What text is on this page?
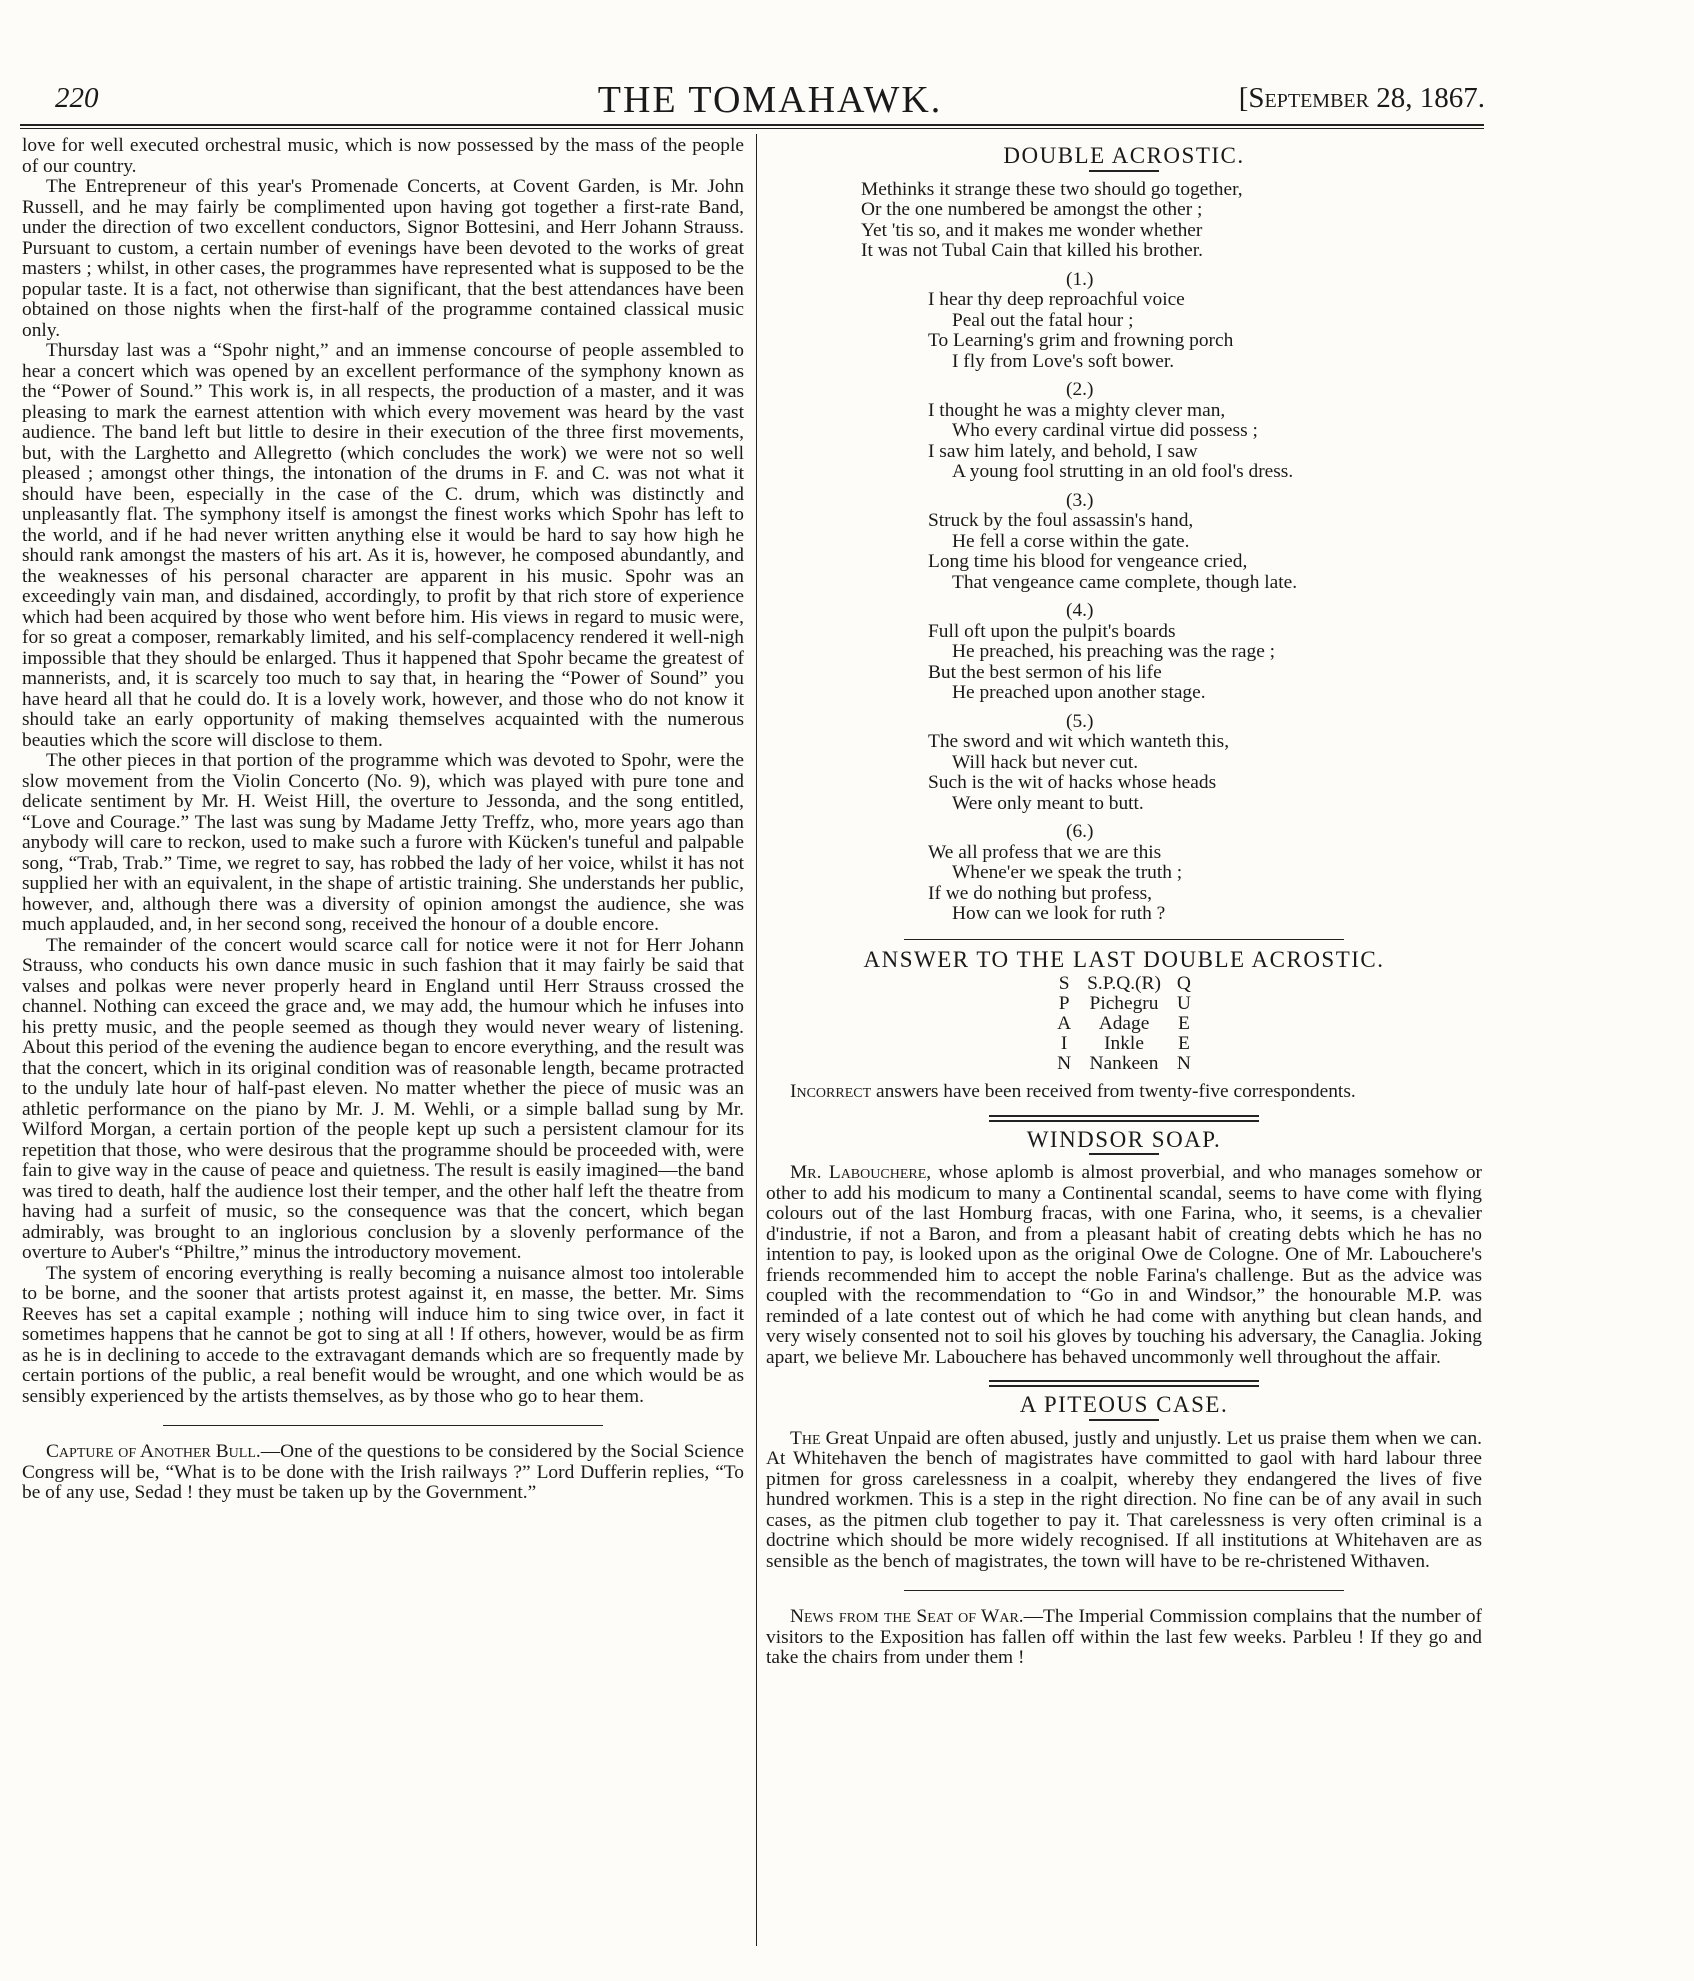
220	THE TOMAHAWK.	[September 28, 1867.

love for well executed orchestral music, which is now possessed by the mass of the people of our country.

The Entrepreneur of this year's Promenade Concerts, at Covent Garden, is Mr. John Russell, and he may fairly be complimented upon having got together a first-rate Band, under the direction of two excellent conductors, Signor Bottesini, and Herr Johann Strauss. Pursuant to custom, a certain number of evenings have been devoted to the works of great masters ; whilst, in other cases, the programmes have represented what is supposed to be the popular taste. It is a fact, not otherwise than significant, that the best attendances have been obtained on those nights when the first-half of the programme contained classical music only.

Thursday last was a “Spohr night,” and an immense concourse of people assembled to hear a concert which was opened by an excellent performance of the symphony known as the “Power of Sound.” This work is, in all respects, the production of a master, and it was pleasing to mark the earnest attention with which every movement was heard by the vast audience. The band left but little to desire in their execution of the three first movements, but, with the Larghetto and Allegretto (which concludes the work) we were not so well pleased ; amongst other things, the intonation of the drums in F. and C. was not what it should have been, especially in the case of the C. drum, which was distinctly and unpleasantly flat. The symphony itself is amongst the finest works which Spohr has left to the world, and if he had never written anything else it would be hard to say how high he should rank amongst the masters of his art. As it is, however, he composed abundantly, and the weaknesses of his personal character are apparent in his music. Spohr was an exceedingly vain man, and disdained, accordingly, to profit by that rich store of experience which had been acquired by those who went before him. His views in regard to music were, for so great a composer, remarkably limited, and his self-complacency rendered it well-nigh impossible that they should be enlarged. Thus it happened that Spohr became the greatest of mannerists, and, it is scarcely too much to say that, in hearing the “Power of Sound” you have heard all that he could do. It is a lovely work, however, and those who do not know it should take an early opportunity of making themselves acquainted with the numerous beauties which the score will disclose to them.

The other pieces in that portion of the programme which was devoted to Spohr, were the slow movement from the Violin Concerto (No. 9), which was played with pure tone and delicate sentiment by Mr. H. Weist Hill, the overture to Jessonda, and the song entitled, “Love and Courage.” The last was sung by Madame Jetty Treffz, who, more years ago than anybody will care to reckon, used to make such a furore with Kücken's tuneful and palpable song, “Trab, Trab.” Time, we regret to say, has robbed the lady of her voice, whilst it has not supplied her with an equivalent, in the shape of artistic training. She understands her public, however, and, although there was a diversity of opinion amongst the audience, she was much applauded, and, in her second song, received the honour of a double encore.

The remainder of the concert would scarce call for notice were it not for Herr Johann Strauss, who conducts his own dance music in such fashion that it may fairly be said that valses and polkas were never properly heard in England until Herr Strauss crossed the channel. Nothing can exceed the grace and, we may add, the humour which he infuses into his pretty music, and the people seemed as though they would never weary of listening. About this period of the evening the audience began to encore everything, and the result was that the concert, which in its original condition was of reasonable length, became protracted to the unduly late hour of half-past eleven. No matter whether the piece of music was an athletic performance on the piano by Mr. J. M. Wehli, or a simple ballad sung by Mr. Wilford Morgan, a certain portion of the people kept up such a persistent clamour for its repetition that those, who were desirous that the programme should be proceeded with, were fain to give way in the cause of peace and quietness. The result is easily imagined—the band was tired to death, half the audience lost their temper, and the other half left the theatre from having had a surfeit of music, so the consequence was that the concert, which began admirably, was brought to an inglorious conclusion by a slovenly performance of the overture to Auber's “Philtre,” minus the introductory movement.

The system of encoring everything is really becoming a nuisance almost too intolerable to be borne, and the sooner that artists protest against it, en masse, the better. Mr. Sims Reeves has set a capital example ; nothing will induce him to sing twice over, in fact it sometimes happens that he cannot be got to sing at all ! If others, however, would be as firm as he is in declining to accede to the extravagant demands which are so frequently made by certain portions of the public, a real benefit would be wrought, and one which would be as sensibly experienced by the artists themselves, as by those who go to hear them.

Capture of Another Bull.—One of the questions to be considered by the Social Science Congress will be, “What is to be done with the Irish railways ?” Lord Dufferin replies, “To be of any use, Sedad ! they must be taken up by the Government.”

DOUBLE ACROSTIC.
Methinks it strange these two should go together,
Or the one numbered be amongst the other ;
Yet 'tis so, and it makes me wonder whether
It was not Tubal Cain that killed his brother.
(1.)
I hear thy deep reproachful voice
Peal out the fatal hour ;
To Learning's grim and frowning porch
I fly from Love's soft bower.
(2.)
I thought he was a mighty clever man,
Who every cardinal virtue did possess ;
I saw him lately, and behold, I saw
A young fool strutting in an old fool's dress.
(3.)
Struck by the foul assassin's hand,
He fell a corse within the gate.
Long time his blood for vengeance cried,
That vengeance came complete, though late.
(4.)
Full oft upon the pulpit's boards
He preached, his preaching was the rage ;
But the best sermon of his life
He preached upon another stage.
(5.)
The sword and wit which wanteth this,
Will hack but never cut.
Such is the wit of hacks whose heads
Were only meant to butt.
(6.)
We all profess that we are this
Whene'er we speak the truth ;
If we do nothing but profess,
How can we look for ruth ?
ANSWER TO THE LAST DOUBLE ACROSTIC.
S	S.P.Q.(R)	Q
P	Pichegru	U
A	Adage	E
I	Inkle	E
N	Nankeen	N

Incorrect answers have been received from twenty-five correspondents.

WINDSOR SOAP.

Mr. Labouchere, whose aplomb is almost proverbial, and who manages somehow or other to add his modicum to many a Continental scandal, seems to have come with flying colours out of the last Homburg fracas, with one Farina, who, it seems, is a chevalier d'industrie, if not a Baron, and from a pleasant habit of creating debts which he has no intention to pay, is looked upon as the original Owe de Cologne. One of Mr. Labouchere's friends recommended him to accept the noble Farina's challenge. But as the advice was coupled with the recommendation to “Go in and Windsor,” the honourable M.P. was reminded of a late contest out of which he had come with anything but clean hands, and very wisely consented not to soil his gloves by touching his adversary, the Canaglia. Joking apart, we believe Mr. Labouchere has behaved uncommonly well throughout the affair.

A PITEOUS CASE.

The Great Unpaid are often abused, justly and unjustly. Let us praise them when we can. At Whitehaven the bench of magistrates have committed to gaol with hard labour three pitmen for gross carelessness in a coalpit, whereby they endangered the lives of five hundred workmen. This is a step in the right direction. No fine can be of any avail in such cases, as the pitmen club together to pay it. That carelessness is very often criminal is a doctrine which should be more widely recognised. If all institutions at Whitehaven are as sensible as the bench of magistrates, the town will have to be re-christened Withaven.

News from the Seat of War.—The Imperial Commission complains that the number of visitors to the Exposition has fallen off within the last few weeks. Parbleu ! If they go and take the chairs from under them !
